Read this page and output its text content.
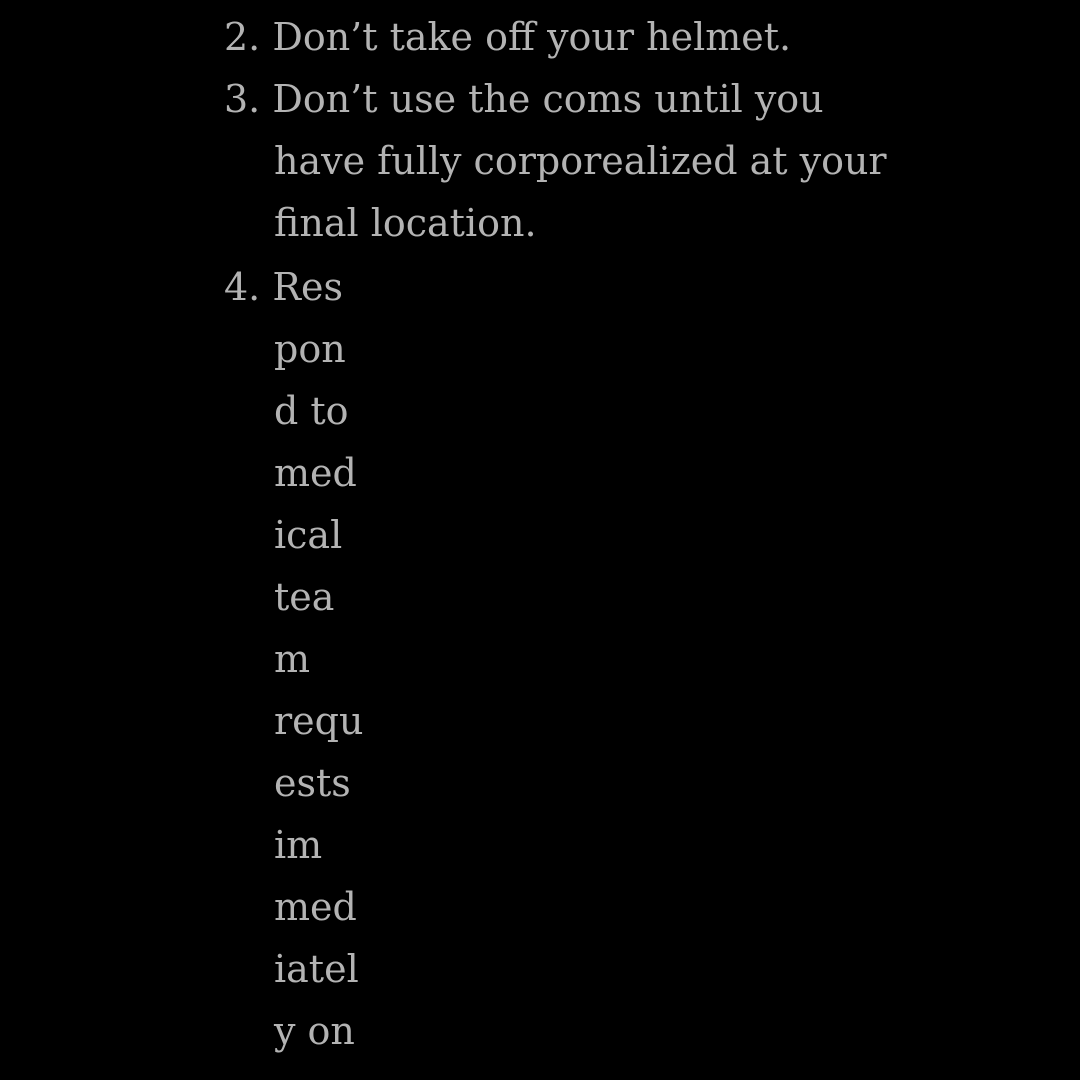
2. Don’t take off your helmet.
3. Don’t use the coms until you
have fully corporealized at your
final location.
4. Res
pon
d to
med
ical
tea
m
requ
ests
im
med
iatel
y on
